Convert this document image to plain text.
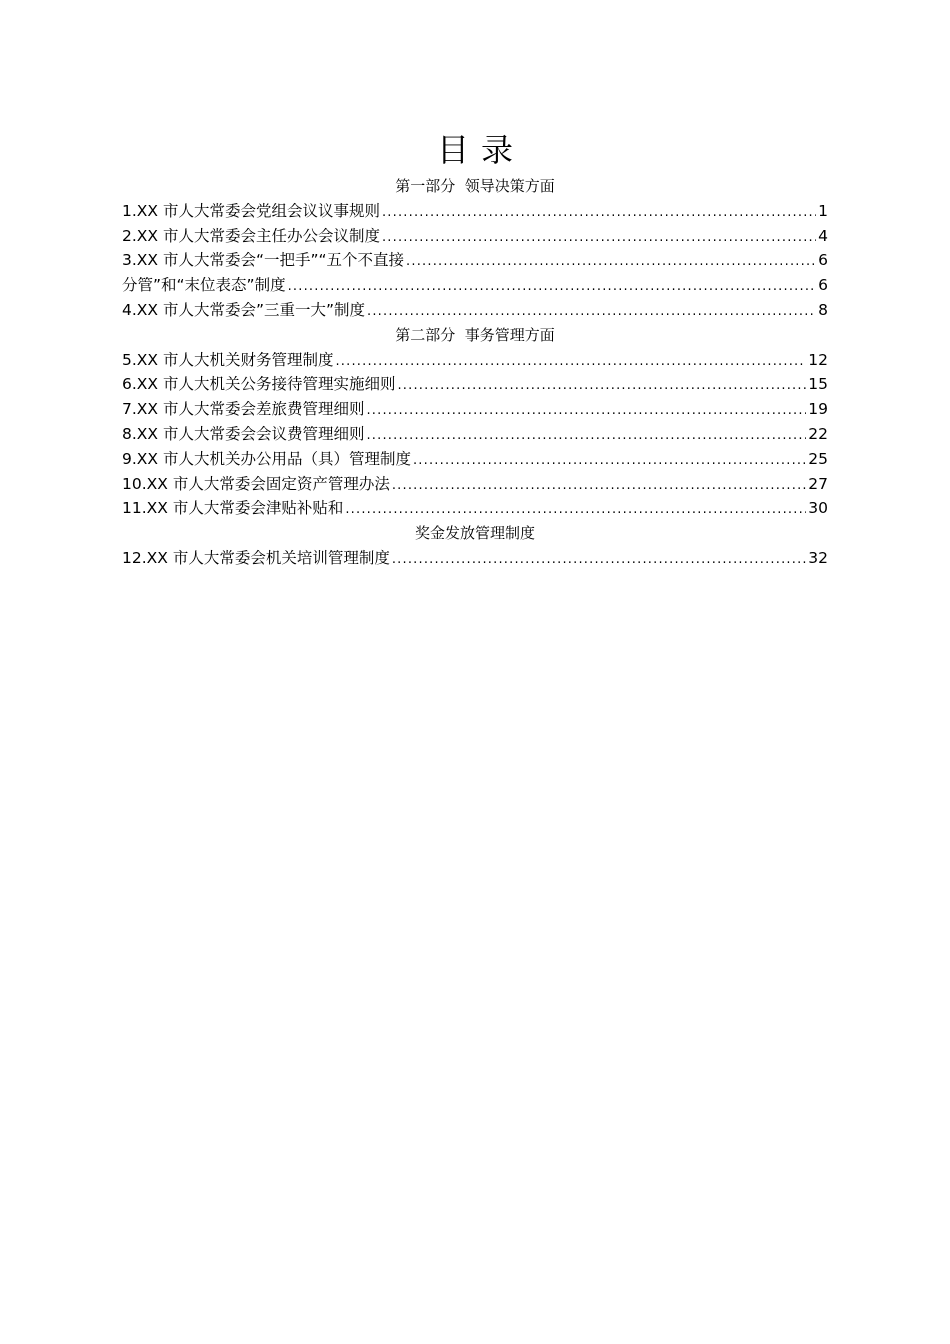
目录
第一部分  领导决策方面
1.XX 市人大常委会党组会议议事规则 .....	1
2.XX 市人大常委会主任办公会议制度 .....	4
3.XX 市人大常委会“一把手”“五个不直接 .....	6
分管”和“末位表态”制度 .....	6
4.XX 市人大常委会”三重一大”制度 .....	8
第二部分  事务管理方面
5.XX 市人大机关财务管理制度 .....	12
6.XX 市人大机关公务接待管理实施细则 .....	15
7.XX 市人大常委会差旅费管理细则 .....	19
8.XX 市人大常委会会议费管理细则 .....	22
9.XX 市人大机关办公用品（具）管理制度 .....	25
10.XX 市人大常委会固定资产管理办法 .....	27
11.XX 市人大常委会津贴补贴和 .....	30
奖金发放管理制度
12.XX 市人大常委会机关培训管理制度 .....	32
